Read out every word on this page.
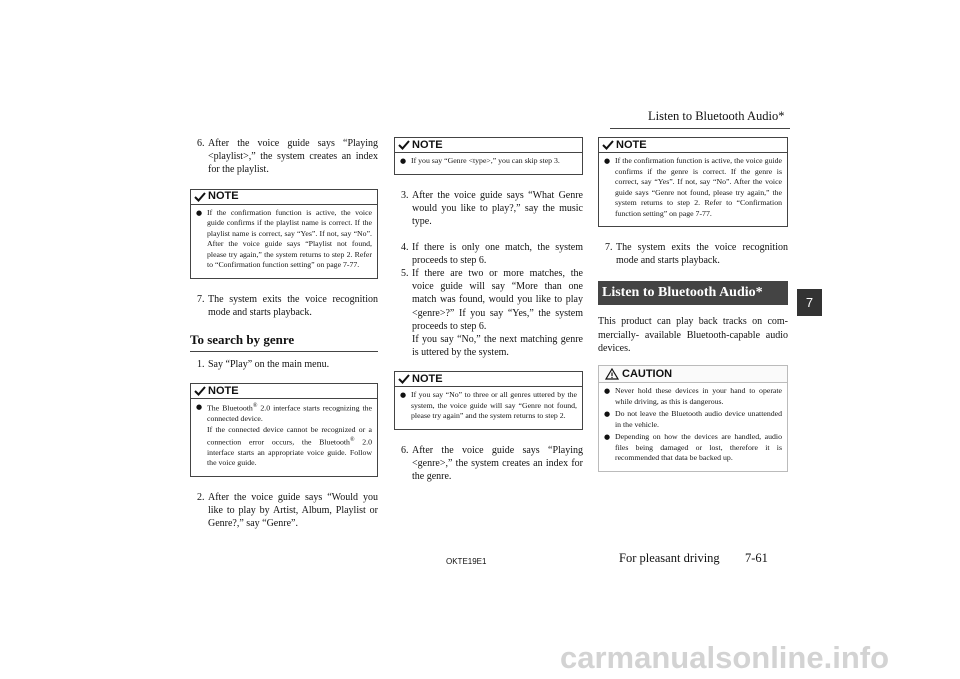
Listen to Bluetooth Audio*
7
6. After the voice guide says “Playing <playlist>,” the system creates an index for the playlist.
NOTE
● If the confirmation function is active, the voice guide confirms if the playlist name is correct. If the playlist name is correct, say “Yes”. If not, say “No”. After the voice guide says “Playlist not found, please try again,” the system returns to step 2. Refer to “Confirmation function setting” on page 7-77.
7. The system exits the voice recognition mode and starts playback.
To search by genre
1. Say “Play” on the main menu.
NOTE
● The Bluetooth® 2.0 interface starts recognizing the connected device.
If the connected device cannot be recognized or a connection error occurs, the Bluetooth® 2.0 interface starts an appropriate voice guide. Follow the voice guide.
2. After the voice guide says “Would you like to play by Artist, Album, Playlist or Genre?,” say “Genre”.
NOTE
● If you say “Genre <type>,” you can skip step 3.
3. After the voice guide says “What Genre would you like to play?,” say the music type.
4. If there is only one match, the system proceeds to step 6.
5. If there are two or more matches, the voice guide will say “More than one match was found, would you like to play <genre>?” If you say “Yes,” the system proceeds to step 6.
If you say “No,” the next matching genre is uttered by the system.
NOTE
● If you say “No” to three or all genres uttered by the system, the voice guide will say “Genre not found, please try again” and the system returns to step 2.
6. After the voice guide says “Playing <genre>,” the system creates an index for the genre.
NOTE
● If the confirmation function is active, the voice guide confirms if the genre is correct. If the genre is correct, say “Yes”. If not, say “No”. After the voice guide says “Genre not found, please try again,” the system returns to step 2. Refer to “Confirmation function setting” on page 7-77.
7. The system exits the voice recognition mode and starts playback.
Listen to Bluetooth Audio*
This product can play back tracks on commercially- available Bluetooth-capable audio devices.
CAUTION
● Never hold these devices in your hand to operate while driving, as this is dangerous.
● Do not leave the Bluetooth audio device unattended in the vehicle.
● Depending on how the devices are handled, audio files being damaged or lost, therefore it is recommended that data be backed up.
OKTE19E1	For pleasant driving 7-61
carmanualsonline.info
